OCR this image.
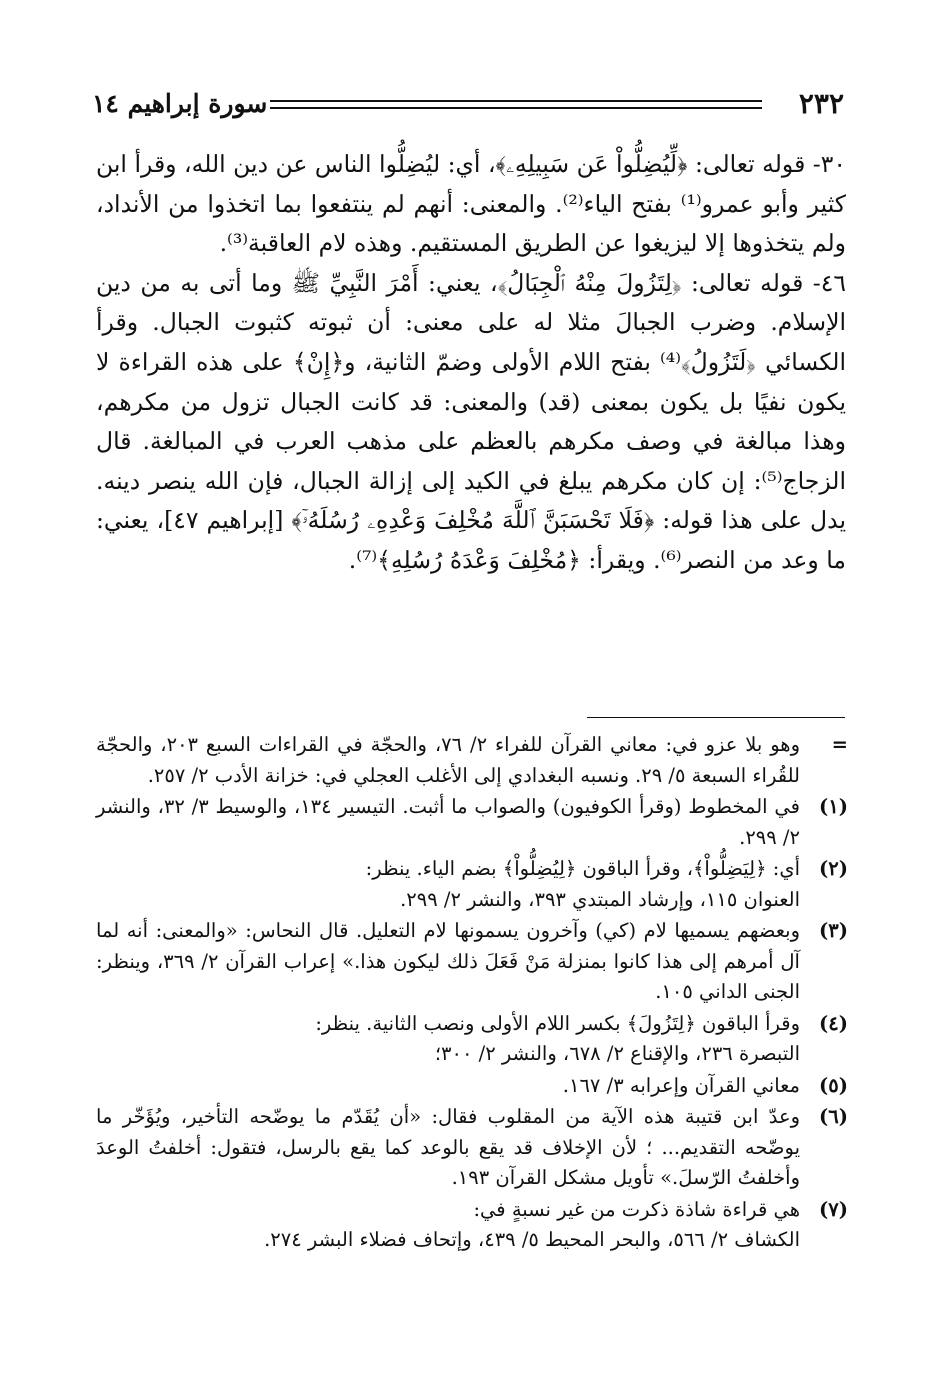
٢٣٢
سورة إبراهيم ١٤

٣٠- قوله تعالى: ﴿لِّيُضِلُّواْ عَن سَبِيلِهِۦ﴾، أي: ليُضِلُّوا الناس عن دين الله، وقرأ ابن كثير وأبو عمرو⁽¹⁾ بفتح الياء⁽²⁾. والمعنى: أنهم لم ينتفعوا بما اتخذوا من الأنداد، ولم يتخذوها إلا ليزيغوا عن الطريق المستقيم. وهذه لام العاقبة⁽³⁾.

٤٦- قوله تعالى: ﴿لِتَزُولَ مِنْهُ ٱلْجِبَالُ﴾، يعني: أَمْرَ النَّبِيِّ ﷺ وما أتى به من دين الإسلام. وضرب الجبالَ مثلا له على معنى: أن ثبوته كثبوت الجبال. وقرأ الكسائي ﴿لَتَزُولُ﴾⁽⁴⁾ بفتح اللام الأولى وضمّ الثانية، و﴿إِنْ﴾ على هذه القراءة لا يكون نفيًا بل يكون بمعنى (قد) والمعنى: قد كانت الجبال تزول من مكرهم، وهذا مبالغة في وصف مكرهم بالعظم على مذهب العرب في المبالغة. قال الزجاج⁽⁵⁾: إن كان مكرهم يبلغ في الكيد إلى إزالة الجبال، فإن الله ينصر دينه. يدل على هذا قوله: ﴿فَلَا تَحْسَبَنَّ ٱللَّهَ مُخْلِفَ وَعْدِهِۦ رُسُلَهُۥٓ﴾ [إبراهيم ٤٧]، يعني: ما وعد من النصر⁽⁶⁾. ويقرأ: ﴿مُخْلِفَ وَعْدَهُ رُسُلِهِ﴾⁽⁷⁾.

=
وهو بلا عزو في: معاني القرآن للفراء ٢/ ٧٦، والحجّة في القراءات السبع ٢٠٣، والحجّة للقُراء السبعة ٥/ ٢٩. ونسبه البغدادي إلى الأغلب العجلي في: خزانة الأدب ٢/ ٢٥٧.
(١)
في المخطوط (وقرأ الكوفيون) والصواب ما أثبت. التيسير ١٣٤، والوسيط ٣/ ٣٢، والنشر ٢/ ٢٩٩.
(٢)
أي: ﴿لِيَضِلُّواْ﴾، وقرأ الباقون ﴿لِيُضِلُّواْ﴾ بضم الياء. ينظر:
العنوان ١١٥، وإرشاد المبتدي ٣٩٣، والنشر ٢/ ٢٩٩.
(٣)
وبعضهم يسميها لام (كي) وآخرون يسمونها لام التعليل. قال النحاس: «والمعنى: أنه لما آل أمرهم إلى هذا كانوا بمنزلة مَنْ فَعَلَ ذلك ليكون هذا.» إعراب القرآن ٢/ ٣٦٩، وينظر: الجنى الداني ١٠٥.
(٤)
وقرأ الباقون ﴿لِتَزُولَ﴾ بكسر اللام الأولى ونصب الثانية. ينظر:
التبصرة ٢٣٦، والإقناع ٢/ ٦٧٨، والنشر ٢/ ٣٠٠؛
(٥)
معاني القرآن وإعرابه ٣/ ١٦٧.
(٦)
وعدّ ابن قتيبة هذه الآية من المقلوب فقال: «أن يُقَدّم ما يوضّحه التأخير، ويُؤَخّر ما يوضّحه التقديم... ؛ لأن الإخلاف قد يقع بالوعد كما يقع بالرسل، فتقول: أخلفتُ الوعدَ وأخلفتُ الرّسلَ.» تأويل مشكل القرآن ١٩٣.
(٧)
هي قراءة شاذة ذكرت من غير نسبةٍ في:
الكشاف ٢/ ٥٦٦، والبحر المحيط ٥/ ٤٣٩، وإتحاف فضلاء البشر ٢٧٤.
